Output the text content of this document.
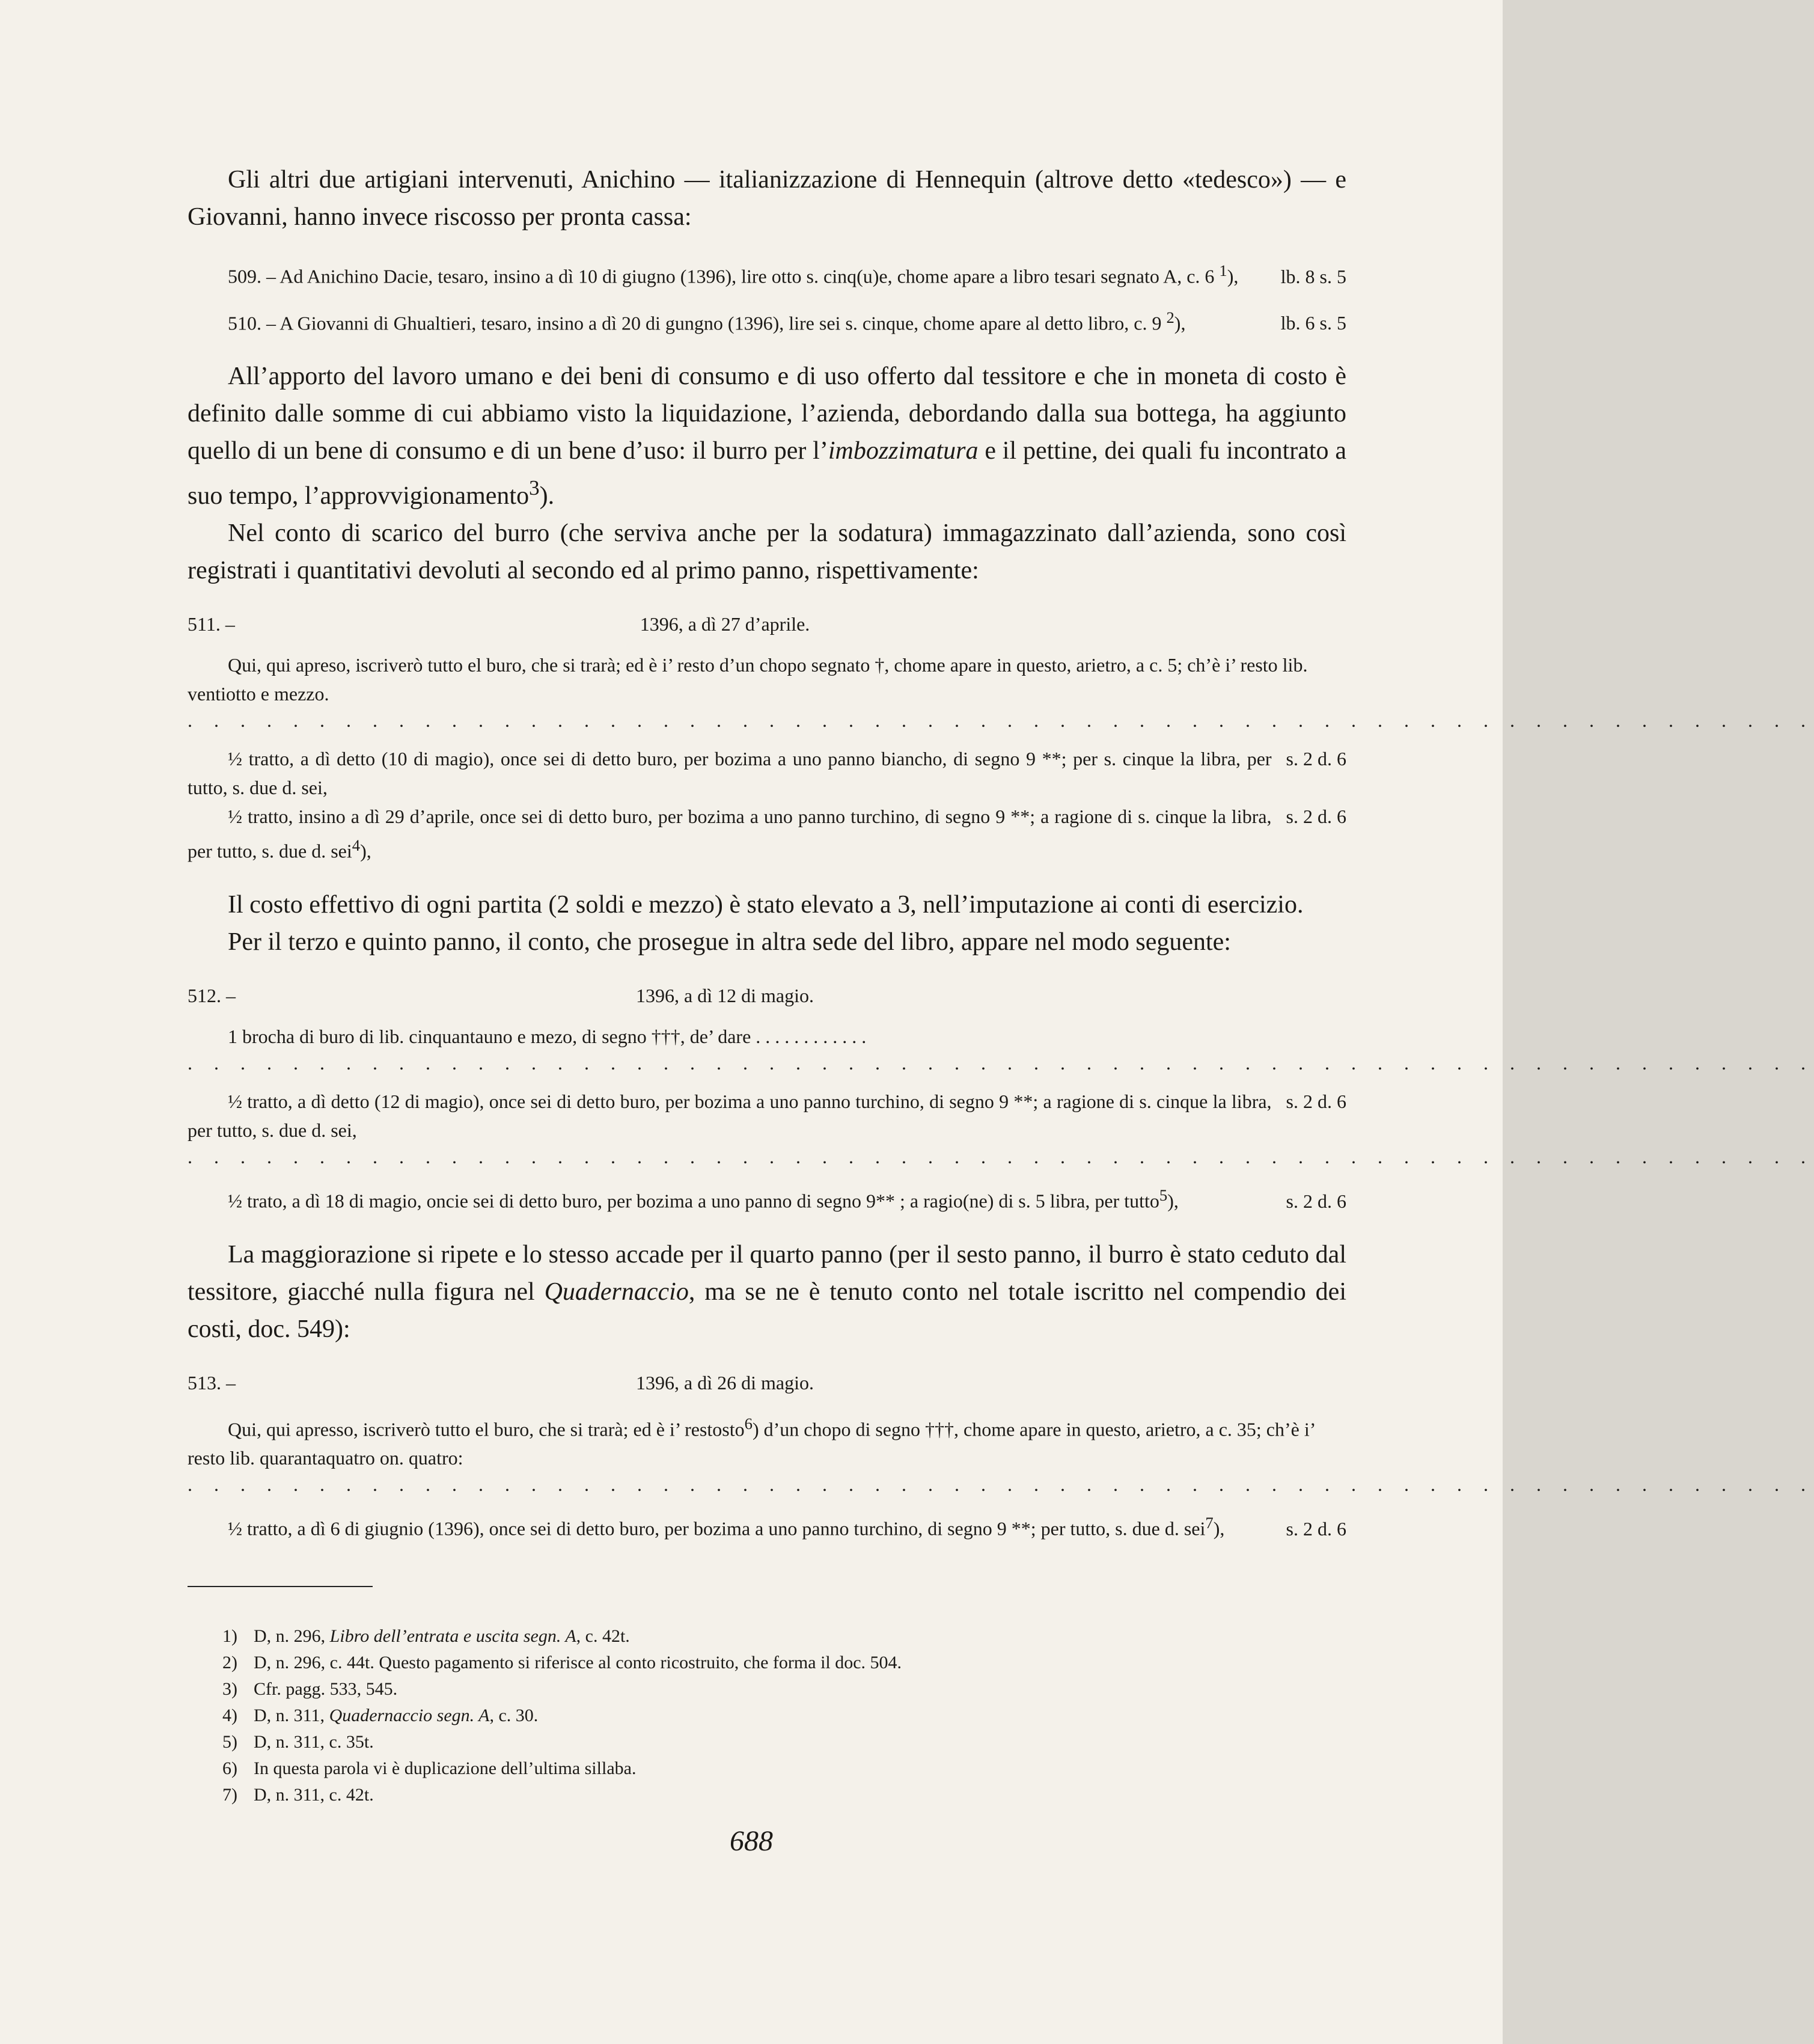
Gli altri due artigiani intervenuti, Anichino — italianizzazione di Hennequin (altrove detto «tedesco») — e Giovanni, hanno invece riscosso per pronta cassa:

509. – Ad Anichino Dacie, tesaro, insino a dì 10 di giugno (1396), lire otto s. cinq(u)e, chome apare a libro tesari segnato A, c. 6 $^1$),	lb. 8 s. 5
510. – A Giovanni di Ghualtieri, tesaro, insino a dì 20 di gungno (1396), lire sei s. cinque, chome apare al detto libro, c. 9 $^2$),	lb. 6 s. 5

All’apporto del lavoro umano e dei beni di consumo e di uso offerto dal tessitore e che in moneta di costo è definito dalle somme di cui abbiamo visto la liquidazione, l’azienda, debordando dalla sua bottega, ha aggiunto quello di un bene di consumo e di un bene d’uso: il burro per l’imbozzimatura e il pettine, dei quali fu incontrato a suo tempo, l’approvvigionamento$^3$).

Nel conto di scarico del burro (che serviva anche per la sodatura) immagazzinato dall’azienda, sono così registrati i quantitativi devoluti al secondo ed al primo panno, rispettivamente:

511. –	1396, a dì 27 d’aprile.

Qui, qui apreso, iscriverò tutto el buro, che si trarà; ed è i’ resto d’un chopo segnato †, chome apare in questo, arietro, a c. 5; ch’è i’ resto lib. ventiotto e mezzo.

. . . . . . . . . . . . . . . . . . . . . . . . . . . . . . . . . . . . . . . . . . . . . . . . . . . . . . . . . . . . . .
½ tratto, a dì detto (10 di magio), once sei di detto buro, per bozima a uno panno biancho, di segno 9 **; per s. cinque la libra, per tutto, s. due d. sei,
s. 2 d. 6
½ tratto, insino a dì 29 d’aprile, once sei di detto buro, per bozima a uno panno turchino, di segno 9 **; a ragione di s. cinque la libra, per tutto, s. due d. sei$^4$),
s. 2 d. 6

Il costo effettivo di ogni partita (2 soldi e mezzo) è stato elevato a 3, nell’imputazione ai conti di esercizio.

Per il terzo e quinto panno, il conto, che prosegue in altra sede del libro, appare nel modo seguente:

512. –	1396, a dì 12 di magio.

1 brocha di buro di lib. cinquantauno e mezo, di segno †††, de’ dare . . . . . . . . . . . .

. . . . . . . . . . . . . . . . . . . . . . . . . . . . . . . . . . . . . . . . . . . . . . . . . . . . . . . . . . . . . .
½ tratto, a dì detto (12 di magio), once sei di detto buro, per bozima a uno panno turchino, di segno 9 **; a ragione di s. cinque la libra, per tutto, s. due d. sei,
s. 2 d. 6
. . . . . . . . . . . . . . . . . . . . . . . . . . . . . . . . . . . . . . . . . . . . . . . . . . . . . . . . . . . . . .
½ trato, a dì 18 di magio, oncie sei di detto buro, per bozima a uno panno di segno 9** ; a ragio(ne) di s. 5 libra, per tutto$^5$),	s. 2 d. 6

La maggiorazione si ripete e lo stesso accade per il quarto panno (per il sesto panno, il burro è stato ceduto dal tessitore, giacché nulla figura nel Quadernaccio, ma se ne è tenuto conto nel totale iscritto nel compendio dei costi, doc. 549):

513. –	1396, a dì 26 di magio.

Qui, qui apresso, iscriverò tutto el buro, che si trarà; ed è i’ restosto$^6$) d’un chopo di segno †††, chome apare in questo, arietro, a c. 35; ch’è i’ resto lib. quarantaquatro on. quatro:

. . . . . . . . . . . . . . . . . . . . . . . . . . . . . . . . . . . . . . . . . . . . . . . . . . . . . . . . . . . . . .
½ tratto, a dì 6 di giugnio (1396), once sei di detto buro, per bozima a uno panno turchino, di segno 9 **; per tutto, s. due d. sei$^7$),	s. 2 d. 6
1) D, n. 296, Libro dell’entrata e uscita segn. A, c. 42t.
2) D, n. 296, c. 44t. Questo pagamento si riferisce al conto ricostruito, che forma il doc. 504.
3) Cfr. pagg. 533, 545.
4) D, n. 311, Quadernaccio segn. A, c. 30.
5) D, n. 311, c. 35t.
6) In questa parola vi è duplicazione dell’ultima sillaba.
7) D, n. 311, c. 42t.
688
